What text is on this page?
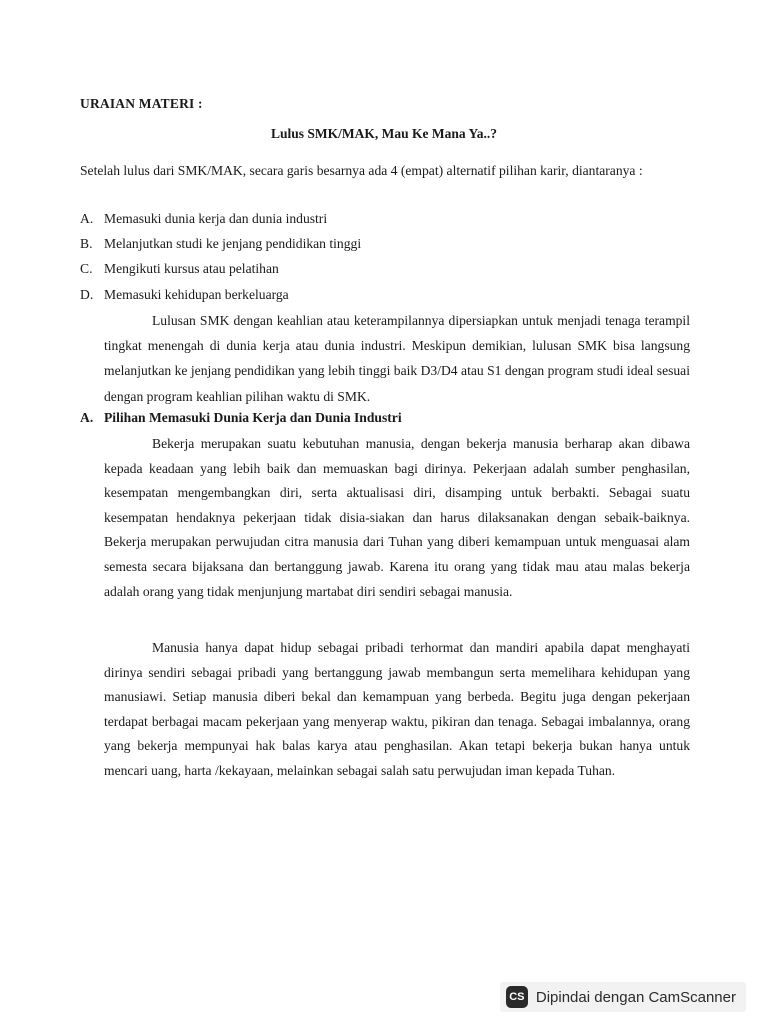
URAIAN MATERI :
Lulus SMK/MAK, Mau Ke Mana Ya..?
Setelah lulus dari SMK/MAK, secara garis besarnya ada 4 (empat) alternatif pilihan karir, diantaranya :
A. Memasuki dunia kerja dan dunia industri
B. Melanjutkan studi ke jenjang pendidikan tinggi
C. Mengikuti kursus atau pelatihan
D. Memasuki kehidupan berkeluarga
Lulusan SMK dengan keahlian atau keterampilannya dipersiapkan untuk menjadi tenaga terampil tingkat menengah di dunia kerja atau dunia industri. Meskipun demikian, lulusan SMK bisa langsung melanjutkan ke jenjang pendidikan yang lebih tinggi baik D3/D4 atau S1 dengan program studi ideal sesuai dengan program keahlian pilihan waktu di SMK.
A. Pilihan Memasuki Dunia Kerja dan Dunia Industri
Bekerja merupakan suatu kebutuhan manusia, dengan bekerja manusia berharap akan dibawa kepada keadaan yang lebih baik dan memuaskan bagi dirinya. Pekerjaan adalah sumber penghasilan, kesempatan mengembangkan diri, serta aktualisasi diri, disamping untuk berbakti. Sebagai suatu kesempatan hendaknya pekerjaan tidak disia-siakan dan harus dilaksanakan dengan sebaik-baiknya. Bekerja merupakan perwujudan citra manusia dari Tuhan yang diberi kemampuan untuk menguasai alam semesta secara bijaksana dan bertanggung jawab. Karena itu orang yang tidak mau atau malas bekerja adalah orang yang tidak menjunjung martabat diri sendiri sebagai manusia.
Manusia hanya dapat hidup sebagai pribadi terhormat dan mandiri apabila dapat menghayati dirinya sendiri sebagai pribadi yang bertanggung jawab membangun serta memelihara kehidupan yang manusiawi. Setiap manusia diberi bekal dan kemampuan yang berbeda. Begitu juga dengan pekerjaan terdapat berbagai macam pekerjaan yang menyerap waktu, pikiran dan tenaga. Sebagai imbalannya, orang yang bekerja mempunyai hak balas karya atau penghasilan. Akan tetapi bekerja bukan hanya untuk mencari uang, harta /kekayaan, melainkan sebagai salah satu perwujudan iman kepada Tuhan.
CS Dipindai dengan CamScanner
